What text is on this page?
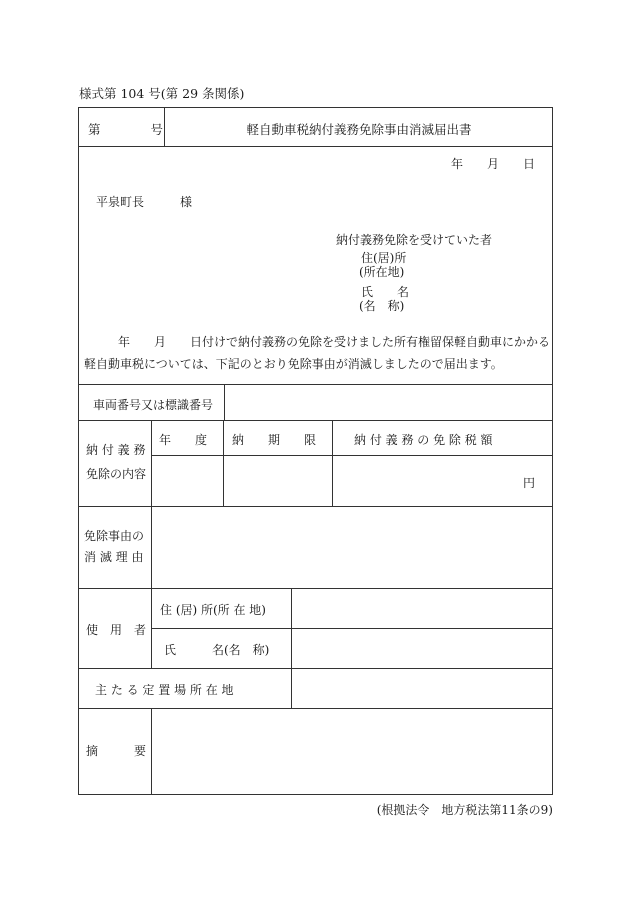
様式第 104 号(第 29 条関係)
第　　　　号	軽自動車税納付義務免除事由消滅届出書
年　　月　　日
平泉町長　　　様
納付義務免除を受けていた者
住(居)所
(所在地)
氏　　名
(名　称)
年　　月　　日付けで納付義務の免除を受けました所有権留保軽自動車にかかる
軽自動車税については、下記のとおり免除事由が消滅しましたので届出ます。
車両番号又は標識番号
納 付 義 務
免除の内容
年　　度 納　　期　　限	納 付 義 務 の 免 除 税 額
円
免除事由の
消 滅 理 由
使　用　者
住 (居) 所(所 在 地)
氏　　　名(名　称)
主 た る 定 置 場 所 在 地
摘　　　要
(根拠法令　地方税法第11条の9)
